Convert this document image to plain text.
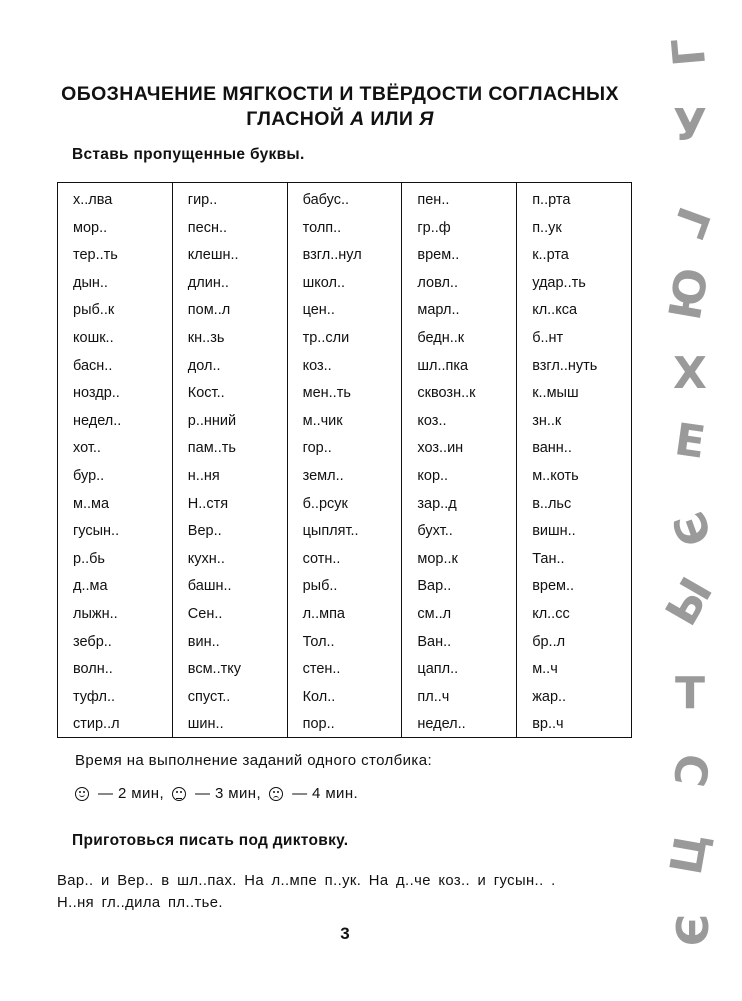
ОБОЗНАЧЕНИЕ МЯГКОСТИ И ТВЁРДОСТИ СОГЛАСНЫХ
ГЛАСНОЙ А ИЛИ Я
Вставь пропущенные буквы.
х..лва
мор..
тер..ть
дын..
рыб..к
кошк..
басн..
ноздр..
недел..
хот..
бур..
м..ма
гусын..
р..бь
д..ма
лыжн..
зебр..
волн..
туфл..
стир..л
гир..
песн..
клешн..
длин..
пом..л
кн..зь
дол..
Кост..
р..нний
пам..ть
н..ня
Н..стя
Вер..
кухн..
башн..
Сен..
вин..
всм..тку
спуст..
шин..
бабус..
толп..
взгл..нул
школ..
цен..
тр..сли
коз..
мен..ть
м..чик
гор..
земл..
б..рсук
цыплят..
сотн..
рыб..
л..мпа
Тол..
стен..
Кол..
пор..
пен..
гр..ф
врем..
ловл..
марл..
бедн..к
шл..пка
сквозн..к
коз..
хоз..ин
кор..
зар..д
бухт..
мор..к
Вар..
см..л
Ван..
цапл..
пл..ч
недел..
п..рта
п..ук
к..рта
удар..ть
кл..кса
б..нт
взгл..нуть
к..мыш
зн..к
ванн..
м..коть
в..льс
вишн..
Тан..
врем..
кл..сс
бр..л
м..ч
жар..
вр..ч
Время на выполнение заданий одного столбика:
— 2 мин, — 3 мин, — 4 мин.
Приготовься писать под диктовку.
Вар.. и Вер.. в шл..пах. На л..мпе п..ук. На д..че коз.. и гусын.. .
Н..ня гл..дила пл..тье.
3
Г
У
Г
Ю
Х
Е
Э
Ы
Т
С
Ц
Э
